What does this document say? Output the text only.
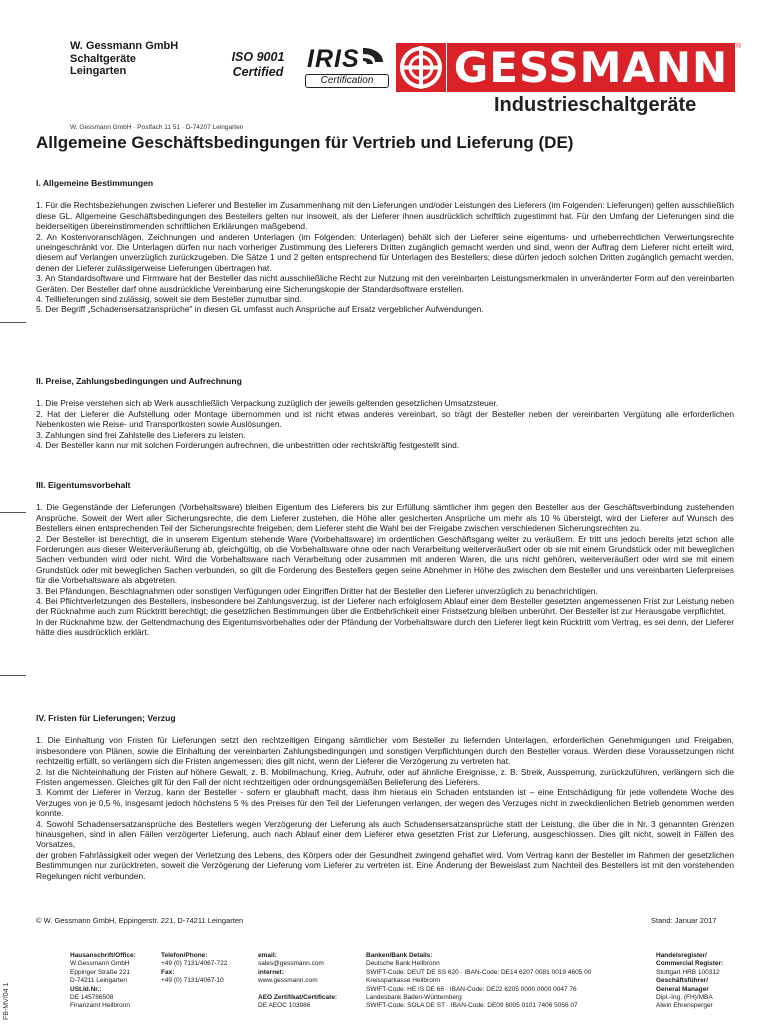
W. Gessmann GmbH
Schaltgeräte
Leingarten
ISO 9001
Certified IRIS
Certification	GESSMANN	®
Industrieschaltgeräte
W. Gessmann GmbH · Postfach 11 51 · D-74207 Leingarten
Allgemeine Geschäftsbedingungen für Vertrieb und Lieferung (DE)
I. Allgemeine Bestimmungen

1. Für die Rechtsbeziehungen zwischen Lieferer und Besteller im Zusammenhang mit den Lieferungen und/oder Leistungen des Lieferers (im Folgenden: Lieferungen) gelten ausschließlich diese GL. Allgemeine Geschäftsbedingungen des Bestellers gelten nur insoweit, als der Lieferer ihnen ausdrücklich schriftlich zugestimmt hat. Für den Umfang der Lieferungen sind die beiderseitigen übereinstimmenden schriftlichen Erklärungen maßgebend.

2. An Kostenvoranschlägen, Zeichnungen und anderen Unterlagen (im Folgenden: Unterlagen) behält sich der Lieferer seine eigentums- und urheberrechtlichen Verwertungsrechte uneingeschränkt vor. Die Unterlagen dürfen nur nach vorheriger Zustimmung des Lieferers Dritten zugänglich gemacht werden und sind, wenn der Auftrag dem Lieferer nicht erteilt wird, diesem auf Verlangen unverzüglich zurückzugeben. Die Sätze 1 und 2 gelten entsprechend für Unterlagen des Bestellers; diese dürfen jedoch solchen Dritten zugänglich gemacht werden, denen der Lieferer zulässigerweise Lieferungen übertragen hat.

3. An Standardsoftware und Firmware hat der Besteller das nicht ausschließliche Recht zur Nutzung mit den vereinbarten Leistungsmerkmalen in unveränderter Form auf den vereinbarten Geräten. Der Besteller darf ohne ausdrückliche Vereinbarung eine Sicherungskopie der Standardsoftware erstellen.

4. Teillieferungen sind zulässig, soweit sie dem Besteller zumutbar sind.

5. Der Begriff „Schadensersatzansprüche" in diesen GL umfasst auch Ansprüche auf Ersatz vergeblicher Aufwendungen.

II. Preise, Zahlungsbedingungen und Aufrechnung

1. Die Preise verstehen sich ab Werk ausschließlich Verpackung zuzüglich der jeweils geltenden gesetzlichen Umsatzsteuer.

2. Hat der Lieferer die Aufstellung oder Montage übernommen und ist nicht etwas anderes vereinbart, so trägt der Besteller neben der vereinbarten Vergütung alle erforderlichen Nebenkosten wie Reise- und Transportkosten sowie Auslösungen.

3. Zahlungen sind frei Zahlstelle des Lieferers zu leisten.

4. Der Besteller kann nur mit solchen Forderungen aufrechnen, die unbestritten oder rechtskräftig festgestellt sind.

III. Eigentumsvorbehalt

1. Die Gegenstände der Lieferungen (Vorbehaltsware) bleiben Eigentum des Lieferers bis zur Erfüllung sämtlicher ihm gegen den Besteller aus der Geschäftsverbindung zustehenden Ansprüche. Soweit der Wert aller Sicherungsrechte, die dem Lieferer zustehen, die Höhe aller gesicherten Ansprüche um mehr als 10 % übersteigt, wird der Lieferer auf Wunsch des Bestellers einen entsprechenden Teil der Sicherungsrechte freigeben; dem Lieferer steht die Wahl bei der Freigabe zwischen verschiedenen Sicherungsrechten zu.

2. Der Besteller ist berechtigt, die in unserem Eigentum stehende Ware (Vorbehaltsware) im ordentlichen Geschäftsgang weiter zu veräußern. Er tritt uns jedoch bereits jetzt schon alle Forderungen aus dieser Weiterveräußerung ab, gleichgültig, ob die Vorbehaltsware ohne oder nach Verarbeitung weiterveräußert oder ob sie mit einem Grundstück oder mit beweglichen Sachen verbunden wird oder nicht. Wird die Vorbehaltsware nach Verarbeitung oder zusammen mit anderen Waren, die uns nicht gehören, weiterveräußert oder wird sie mit einem Grundstück oder mit beweglichen Sachen verbunden, so gilt die Forderung des Bestellers gegen seine Abnehmer in Höhe des zwischen dem Besteller und uns vereinbarten Lieferpreises für die Vorbehaltsware als abgetreten.

3. Bei Pfändungen, Beschlagnahmen oder sonstigen Verfügungen oder Eingriffen Dritter hat der Besteller den Lieferer unverzüglich zu benachrichtigen.

4. Bei Pflichtverletzungen des Bestellers, insbesondere bei Zahlungsverzug, ist der Lieferer nach erfolglosem Ablauf einer dem Besteller gesetzten angemessenen Frist zur Leistung neben der Rücknahme auch zum Rücktritt berechtigt; die gesetzlichen Bestimmungen über die Entbehrlichkeit einer Fristsetzung bleiben unberührt. Der Besteller ist zur Herausgabe verpflichtet.

In der Rücknahme bzw. der Geltendmachung des Eigentumsvorbehaltes oder der Pfändung der Vorbehaltsware durch den Lieferer liegt kein Rücktritt vom Vertrag, es sei denn, der Lieferer hätte dies ausdrücklich erklärt.

IV. Fristen für Lieferungen; Verzug

1. Die Einhaltung von Fristen für Lieferungen setzt den rechtzeitigen Eingang sämtlicher vom Besteller zu liefernden Unterlagen, erforderlichen Genehmigungen und Freigaben, insbesondere von Plänen, sowie die Einhaltung der vereinbarten Zahlungsbedingungen und sonstigen Verpflichtungen durch den Besteller voraus. Werden diese Voraussetzungen nicht rechtzeitig erfüllt, so verlängern sich die Fristen angemessen; dies gilt nicht, wenn der Lieferer die Verzögerung zu vertreten hat.

2. Ist die Nichteinhaltung der Fristen auf höhere Gewalt, z. B. Mobilmachung, Krieg, Aufruhr, oder auf ähnliche Ereignisse, z. B. Streik, Aussperrung, zurückzuführen, verlängern sich die Fristen angemessen. Gleiches gilt für den Fall der nicht rechtzeitigen oder ordnungsgemäßen Belieferung des Lieferers.

3. Kommt der Lieferer in Verzug, kann der Besteller - sofern er glaubhaft macht, dass ihm hieraus ein Schaden entstanden ist – eine Entschädigung für jede vollendete Woche des Verzuges von je 0,5 %, insgesamt jedoch höchstens 5 % des Preises für den Teil der Lieferungen verlangen, der wegen des Verzuges nicht in zweckdienlichen Betrieb genommen werden konnte.

4. Sowohl Schadensersatzansprüche des Bestellers wegen Verzögerung der Lieferung als auch Schadensersatzansprüche statt der Leistung, die über die in Nr. 3 genannten Grenzen hinausgehen, sind in allen Fällen verzögerter Lieferung, auch nach Ablauf einer dem Lieferer etwa gesetzten Frist zur Lieferung, ausgeschlossen. Dies gilt nicht, soweit in Fällen des Vorsatzes,

der groben Fahrlässigkeit oder wegen der Verletzung des Lebens, des Körpers oder der Gesundheit zwingend gehaftet wird. Vom Vertrag kann der Besteller im Rahmen der gesetzlichen Bestimmungen nur zurücktreten, soweit die Verzögerung der Lieferung vom Lieferer zu vertreten ist. Eine Änderung der Beweislast zum Nachteil des Bestellers ist mit den vorstehenden Regelungen nicht verbunden.

© W. Gessmann GmbH, Eppingerstr. 221, D-74211 Leingarten	Stand: Januar 2017
FB-MV/04 1
Hausanschrift/Office:
W.Gessmann GmbH
Eppinger Straße 221
D-74211 Leingarten
USt.Id.Nr.:
DE 145786508
Finanzamt Heilbronn
Telefon/Phone:
+49 (0) 7131/4067-722
Fax:
+49 (0) 7131/4067-10
email:
sales@gessmann.com
internet:
www.gessmann.com
AEO Zertifikat/Certificate:
DE AEOC 103986
Banken/Bank Details:
Deutsche Bank Heilbronn
SWIFT-Code: DEUT DE SS 620 · IBAN-Code: DE14 6207 0081 0019 4605 00
Kreissparkasse Heilbronn
SWIFT-Code: HE IS DE 66 · IBAN-Code: DE22 6205 0000 0000 0047 76
Landesbank Baden-Württemberg
SWIFT-Code: SOLA DE ST · IBAN-Code: DE09 6005 0101 7406 5056 07
Handelsregister/
Commercial Register:
Stuttgart HRB 100312
Geschäftsführer/
General Manager
Dipl.-Ing. (FH)/MBA
Alwin Ehrensperger
